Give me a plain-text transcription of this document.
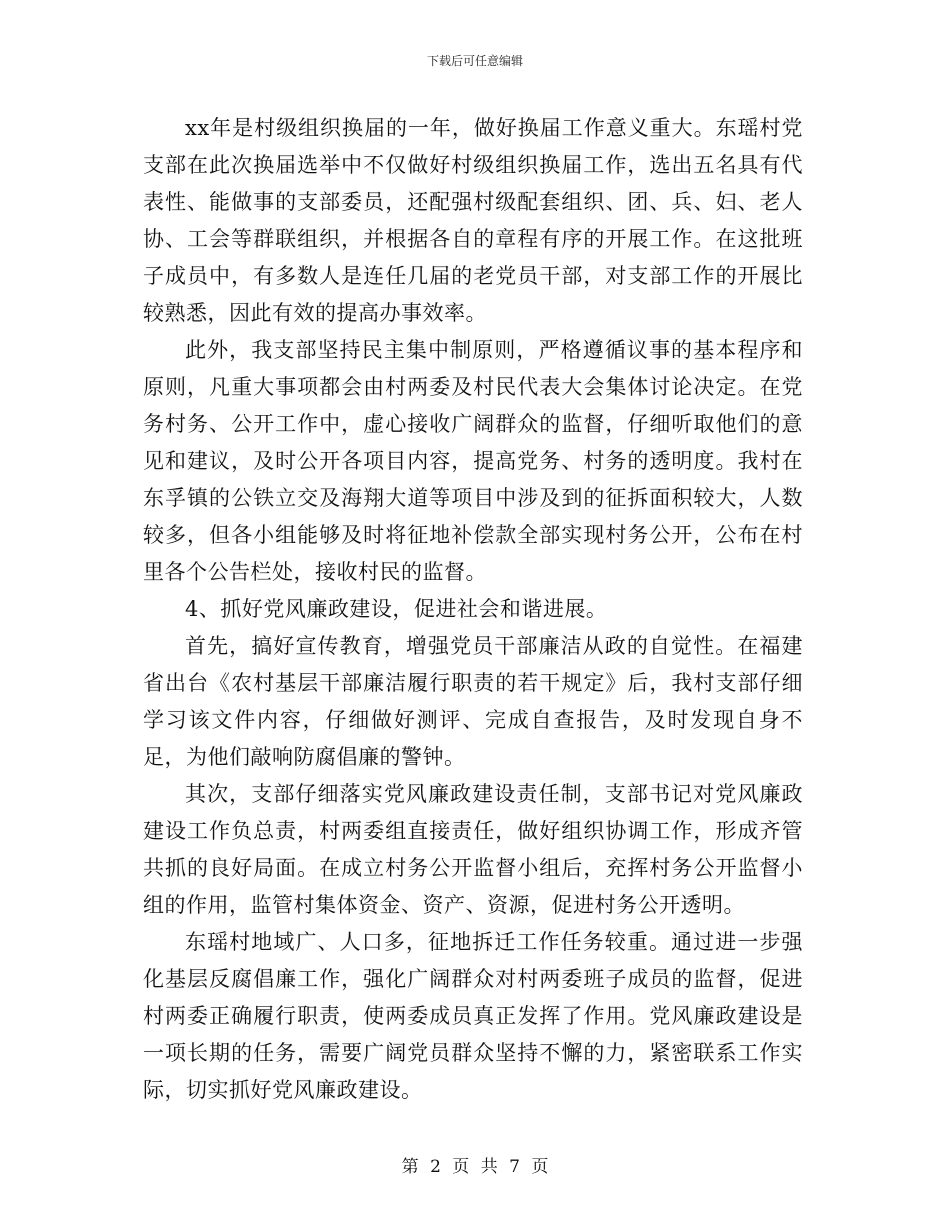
下载后可任意编辑

xx年是村级组织换届的一年，做好换届工作意义重大。东瑶村党支部在此次换届选举中不仅做好村级组织换届工作，选出五名具有代表性、能做事的支部委员，还配强村级配套组织、团、兵、妇、老人协、工会等群联组织，并根据各自的章程有序的开展工作。在这批班子成员中，有多数人是连任几届的老党员干部，对支部工作的开展比较熟悉，因此有效的提高办事效率。

此外，我支部坚持民主集中制原则，严格遵循议事的基本程序和原则，凡重大事项都会由村两委及村民代表大会集体讨论决定。在党务村务、公开工作中，虚心接收广阔群众的监督，仔细听取他们的意见和建议，及时公开各项目内容，提高党务、村务的透明度。我村在东孚镇的公铁立交及海翔大道等项目中涉及到的征拆面积较大，人数较多，但各小组能够及时将征地补偿款全部实现村务公开，公布在村里各个公告栏处，接收村民的监督。

4、抓好党风廉政建设，促进社会和谐进展。

首先，搞好宣传教育，增强党员干部廉洁从政的自觉性。在福建省出台《农村基层干部廉洁履行职责的若干规定》后，我村支部仔细学习该文件内容，仔细做好测评、完成自查报告，及时发现自身不足，为他们敲响防腐倡廉的警钟。

其次，支部仔细落实党风廉政建设责任制，支部书记对党风廉政建设工作负总责，村两委组直接责任，做好组织协调工作，形成齐管共抓的良好局面。在成立村务公开监督小组后，充挥村务公开监督小组的作用，监管村集体资金、资产、资源，促进村务公开透明。

东瑶村地域广、人口多，征地拆迁工作任务较重。通过进一步强化基层反腐倡廉工作，强化广阔群众对村两委班子成员的监督，促进村两委正确履行职责，使两委成员真正发挥了作用。党风廉政建设是一项长期的任务，需要广阔党员群众坚持不懈的力，紧密联系工作实际，切实抓好党风廉政建设。

第 2 页 共 7 页
